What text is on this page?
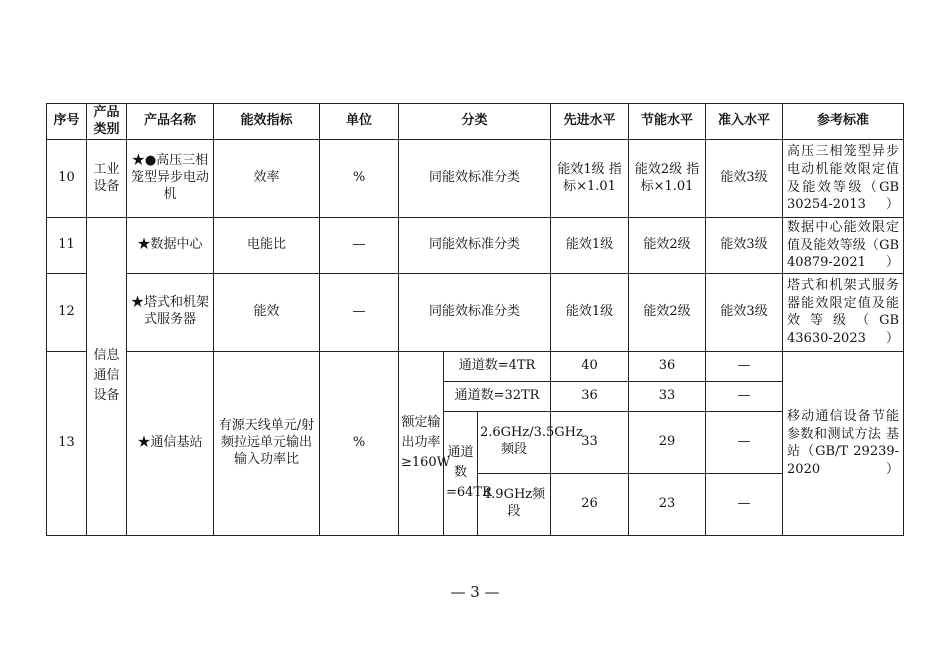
序号	产品类别	产品名称	能效指标	单位	分类			先进水平	节能水平	准入水平	参考标准
10	工业设备	★●高压三相笼型异步电动机	效率	%	同能效标准分类			能效1级 指标×1.01	能效2级 指标×1.01	能效3级	高压三相笼型异步电动机能效限定值及能效等级（GB 30254-2013）
11	信息通信设备	★数据中心	电能比	—	同能效标准分类			能效1级	能效2级	能效3级	数据中心能效限定值及能效等级（GB 40879-2021）
12		★塔式和机架式服务器	能效	—	同能效标准分类			能效1级	能效2级	能效3级	塔式和机架式服务器能效限定值及能效等级（GB 43630-2023）
13		★通信基站	有源天线单元/射频拉远单元输出输入功率比	%	额定输出功率≥160W	通道数=4TR		40	36	—	移动通信设备节能参数和测试方法 基站（GB/T 29239-2020）
						通道数=32TR		36	33	—	
						通道数=64TR	2.6GHz/3.5GHz频段	33	29	—	
							4.9GHz频段	26	23	—	
— 3 —
